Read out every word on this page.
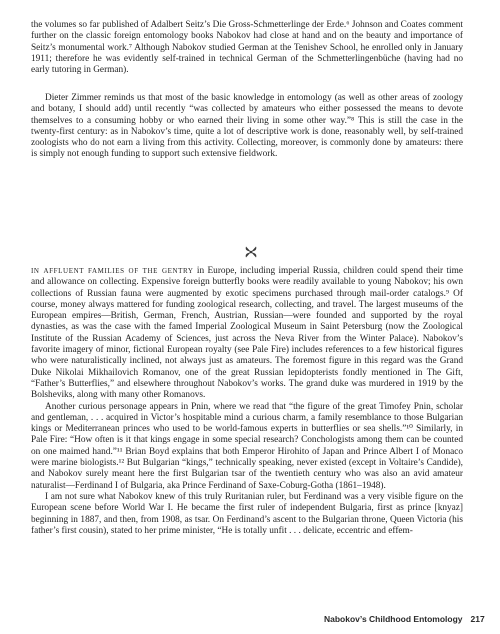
the volumes so far published of Adalbert Seitz’s Die Gross-Schmetterlinge der Erde.⁶ Johnson and Coates comment further on the classic foreign entomology books Nabokov had close at hand and on the beauty and importance of Seitz’s monumental work.⁷ Although Nabokov studied German at the Tenishev School, he enrolled only in January 1911; therefore he was evidently self-trained in technical German of the Schmetterlingenbüche (having had no early tutoring in German).
Dieter Zimmer reminds us that most of the basic knowledge in entomology (as well as other areas of zoology and botany, I should add) until recently “was collected by amateurs who either possessed the means to devote themselves to a consuming hobby or who earned their living in some other way.”⁸ This is still the case in the twenty-first century: as in Nabokov’s time, quite a lot of descriptive work is done, reasonably well, by self-trained zoologists who do not earn a living from this activity. Collecting, moreover, is commonly done by amateurs: there is simply not enough funding to support such extensive fieldwork.

in affluent families of the gentry in Europe, including imperial Russia, children could spend their time and allowance on collecting. Expensive foreign butterfly books were readily available to young Nabokov; his own collections of Russian fauna were augmented by exotic specimens purchased through mail-order catalogs.⁹ Of course, money always mattered for funding zoological research, collecting, and travel. The largest museums of the European empires—British, German, French, Austrian, Russian—were founded and supported by the royal dynasties, as was the case with the famed Imperial Zoological Museum in Saint Petersburg (now the Zoological Institute of the Russian Academy of Sciences, just across the Neva River from the Winter Palace). Nabokov’s favorite imagery of minor, fictional European royalty (see Pale Fire) includes references to a few historical figures who were naturalistically inclined, not always just as amateurs. The foremost figure in this regard was the Grand Duke Nikolai Mikhailovich Romanov, one of the great Russian lepidopterists fondly mentioned in The Gift, “Father’s Butterflies,” and elsewhere throughout Nabokov’s works. The grand duke was murdered in 1919 by the Bolsheviks, along with many other Romanovs.

Another curious personage appears in Pnin, where we read that “the figure of the great Timofey Pnin, scholar and gentleman, . . . acquired in Victor’s hospitable mind a curious charm, a family resemblance to those Bulgarian kings or Mediterranean princes who used to be world-famous experts in butterflies or sea shells.”¹⁰ Similarly, in Pale Fire: “How often is it that kings engage in some special research? Conchologists among them can be counted on one maimed hand.”¹¹ Brian Boyd explains that both Emperor Hirohito of Japan and Prince Albert I of Monaco were marine biologists.¹² But Bulgarian “kings,” technically speaking, never existed (except in Voltaire’s Candide), and Nabokov surely meant here the first Bulgarian tsar of the twentieth century who was also an avid amateur naturalist—Ferdinand I of Bulgaria, aka Prince Ferdinand of Saxe-Coburg-Gotha (1861–1948).

I am not sure what Nabokov knew of this truly Ruritanian ruler, but Ferdinand was a very visible figure on the European scene before World War I. He became the first ruler of independent Bulgaria, first as prince [knyaz] beginning in 1887, and then, from 1908, as tsar. On Ferdinand’s ascent to the Bulgarian throne, Queen Victoria (his father’s first cousin), stated to her prime minister, “He is totally unfit . . . delicate, eccentric and effem-

Nabokov’s Childhood Entomology 217
